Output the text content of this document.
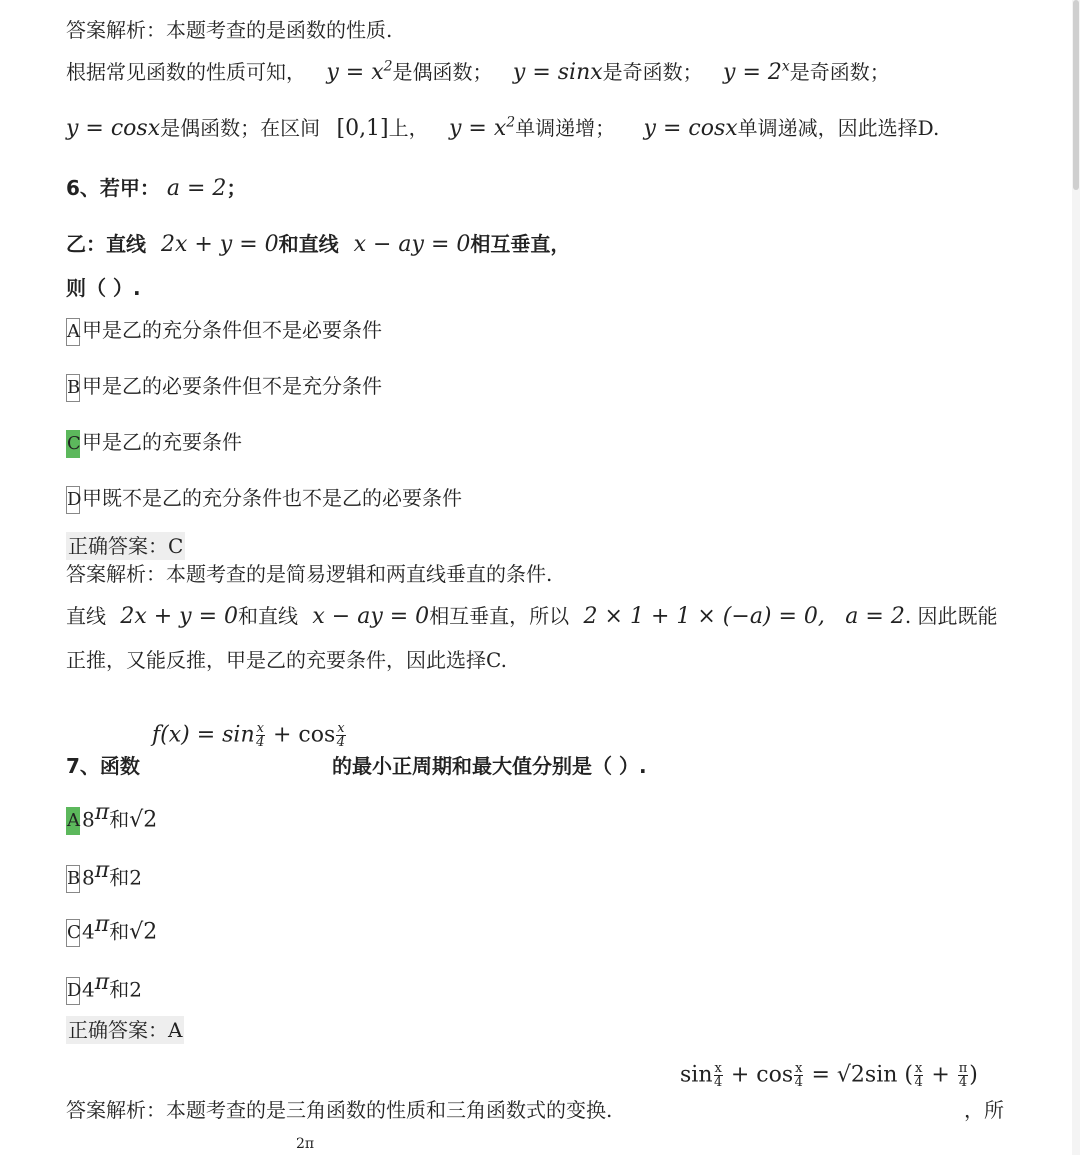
答案解析：本题考查的是函数的性质.
根据常见函数的性质可知， $y = x^2$是偶函数； y = sinx是奇函数； $y = 2^x$是奇函数；
y = cosx是偶函数；在区间 [0,1]上， $y = x^2$单调递增； y = cosx单调递减，因此选择D.
6、若甲： a = 2；
乙：直线 2x + y = 0和直线 x − ay = 0相互垂直，
则（ ）.
A 甲是乙的充分条件但不是必要条件
B甲是乙的必要条件但不是充分条件
C甲是乙的充要条件
D甲既不是乙的充分条件也不是乙的必要条件
正确答案：C
答案解析：本题考查的是简易逻辑和两直线垂直的条件.
直线 2x + y = 0和直线 x − ay = 0相互垂直，所以 2 × 1 + 1 × (−a) = 0, a = 2. 因此既能
正推，又能反推，甲是乙的充要条件，因此选择C.
$f(x) = \sin \frac{x}{4} + \cos \frac{x}{4}$
7、函数	的最小正周期和最大值分别是（ ）.
A $8^\pi$和√2
$B8^\pi$和2
$C4^\pi$和√2
$D4^\pi$和2
正确答案：A
$\sin \frac{x}{4} + \cos \frac{x}{4} = √2\sin$ ( $\frac{x}{4} + \frac{\pi}{4}$ )
答案解析：本题考查的是三角函数的性质和三角函数式的变换.	，所
2π
